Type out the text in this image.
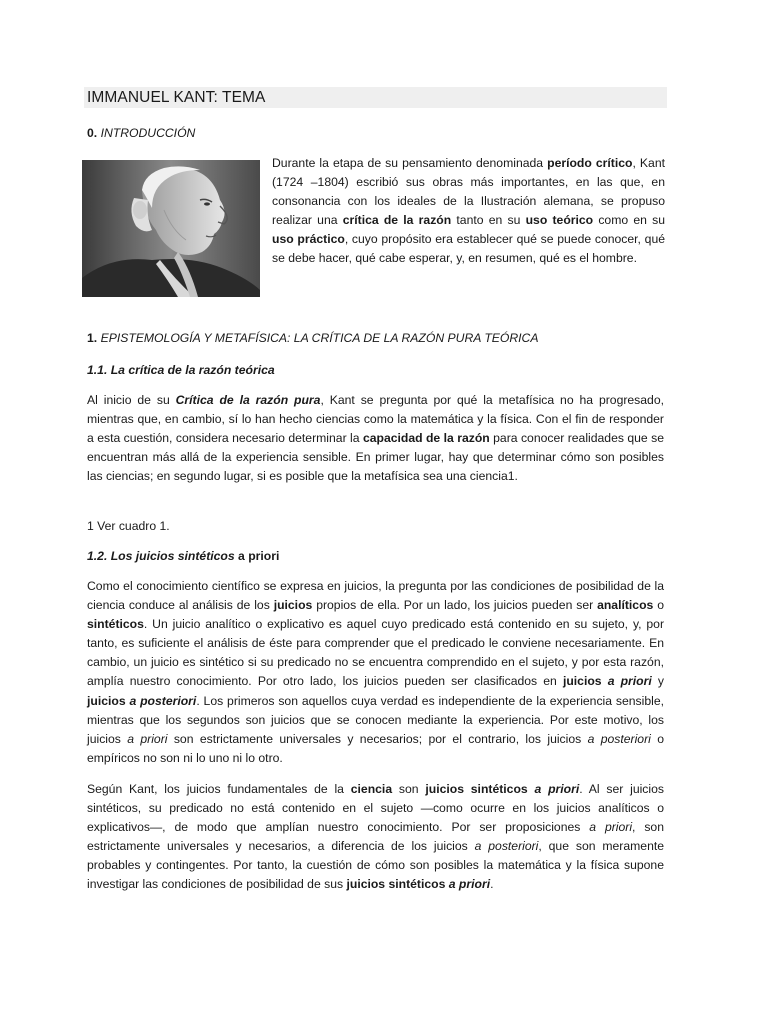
IMMANUEL KANT: TEMA
0. INTRODUCCIÓN

Durante la etapa de su pensamiento denominada período crítico, Kant (1724 –1804) escribió sus obras más importantes, en las que, en consonancia con los ideales de la Ilustración alemana, se propuso realizar una crítica de la razón tanto en su uso teórico como en su uso práctico, cuyo propósito era establecer qué se puede conocer, qué se debe hacer, qué cabe esperar, y, en resumen, qué es el hombre.

1. EPISTEMOLOGÍA Y METAFÍSICA: LA CRÍTICA DE LA RAZÓN PURA TEÓRICA
1.1. La crítica de la razón teórica

Al inicio de su Crítica de la razón pura, Kant se pregunta por qué la metafísica no ha progresado, mientras que, en cambio, sí lo han hecho ciencias como la matemática y la física. Con el fin de responder a esta cuestión, considera necesario determinar la capacidad de la razón para conocer realidades que se encuentran más allá de la experiencia sensible. En primer lugar, hay que determinar cómo son posibles las ciencias; en segundo lugar, si es posible que la metafísica sea una ciencia1.

1 Ver cuadro 1.
1.2. Los juicios sintéticos a priori

Como el conocimiento científico se expresa en juicios, la pregunta por las condiciones de posibilidad de la ciencia conduce al análisis de los juicios propios de ella. Por un lado, los juicios pueden ser analíticos o sintéticos. Un juicio analítico o explicativo es aquel cuyo predicado está contenido en su sujeto, y, por tanto, es suficiente el análisis de éste para comprender que el predicado le conviene necesariamente. En cambio, un juicio es sintético si su predicado no se encuentra comprendido en el sujeto, y por esta razón, amplía nuestro conocimiento. Por otro lado, los juicios pueden ser clasificados en juicios a priori y juicios a posteriori. Los primeros son aquellos cuya verdad es independiente de la experiencia sensible, mientras que los segundos son juicios que se conocen mediante la experiencia. Por este motivo, los juicios a priori son estrictamente universales y necesarios; por el contrario, los juicios a posteriori o empíricos no son ni lo uno ni lo otro.

Según Kant, los juicios fundamentales de la ciencia son juicios sintéticos a priori. Al ser juicios sintéticos, su predicado no está contenido en el sujeto —como ocurre en los juicios analíticos o explicativos—, de modo que amplían nuestro conocimiento. Por ser proposiciones a priori, son estrictamente universales y necesarios, a diferencia de los juicios a posteriori, que son meramente probables y contingentes. Por tanto, la cuestión de cómo son posibles la matemática y la física supone investigar las condiciones de posibilidad de sus juicios sintéticos a priori.
